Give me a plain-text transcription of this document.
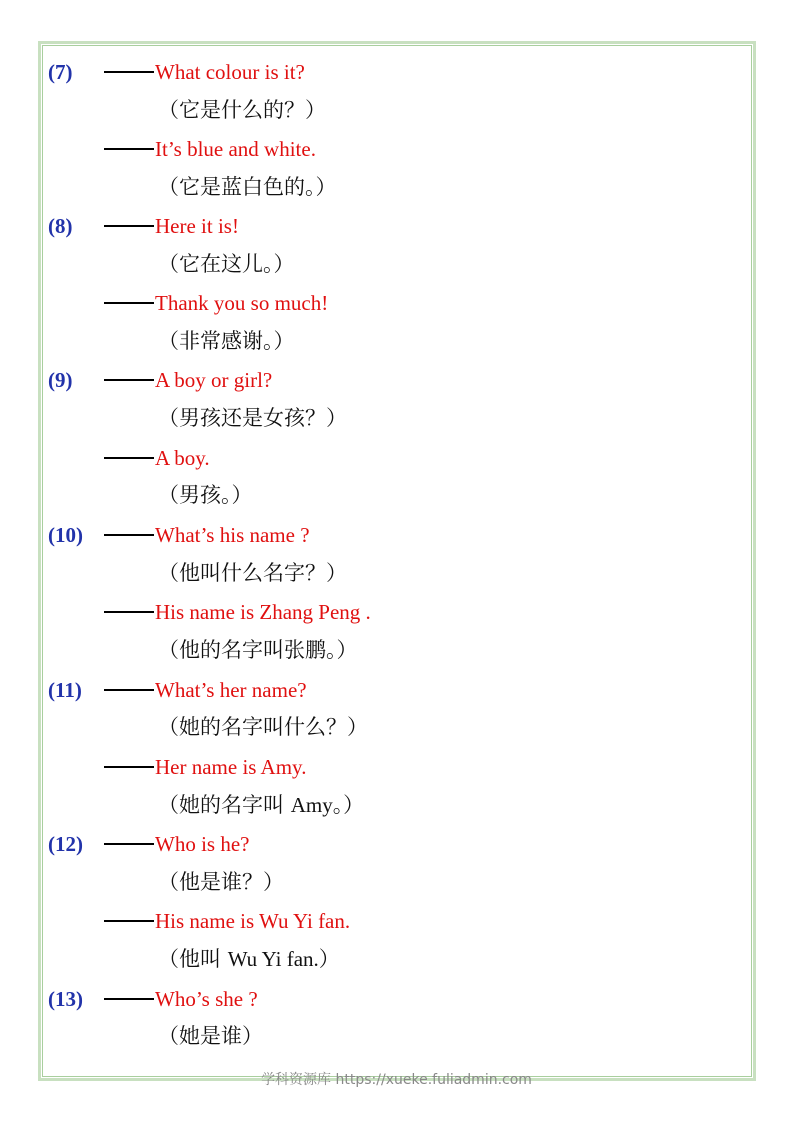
(7)	What colour is it?
（它是什么的？）
It’s blue and white.
（它是蓝白色的。）
(8)	Here it is!
（它在这儿。）
Thank you so much!
（非常感谢。）
(9)	A boy or girl?
（男孩还是女孩？）
A boy.
（男孩。）
(10)	What’s his name ?
（他叫什么名字？）
His name is Zhang Peng .
（他的名字叫张鹏。）
(11)	What’s her name?
（她的名字叫什么？）
Her name is Amy.
（她的名字叫 Amy。）
(12)	Who is he?
（他是谁？）
His name is Wu Yi fan.
（他叫 Wu Yi fan.）
(13)	Who’s she ?
（她是谁）
学科资源库 https://xueke.fuliadmin.com
